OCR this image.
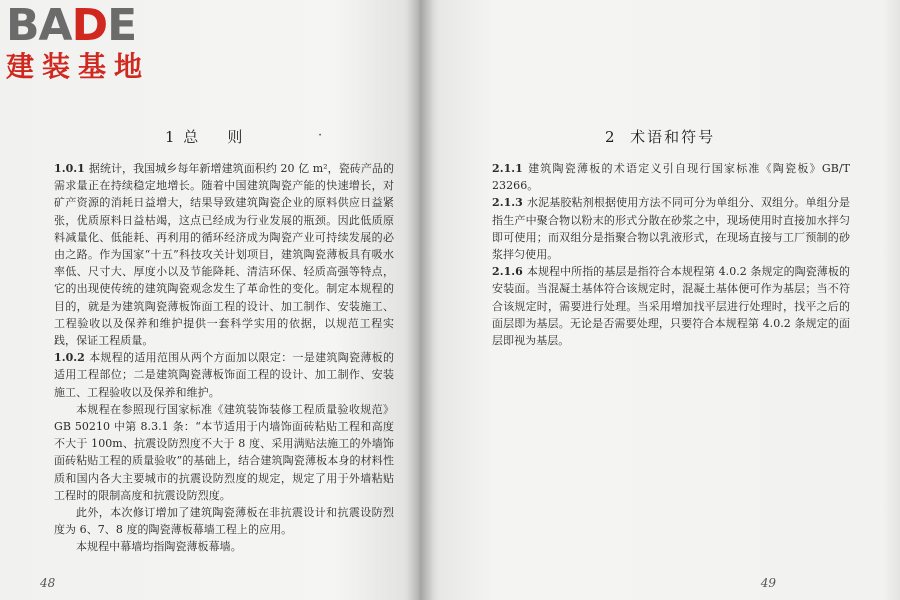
BADE
建装基地
1 总    则	·

1.0.1 据统计，我国城乡每年新增建筑面积约 20 亿 m²，瓷砖产品的需求量正在持续稳定地增长。随着中国建筑陶瓷产能的快速增长，对矿产资源的消耗日益增大，结果导致建筑陶瓷企业的原料供应日益紧张，优质原料日益枯竭，这点已经成为行业发展的瓶颈。因此低质原料减量化、低能耗、再利用的循环经济成为陶瓷产业可持续发展的必由之路。作为国家“十五”科技攻关计划项目，建筑陶瓷薄板具有吸水率低、尺寸大、厚度小以及节能降耗、清洁环保、轻质高强等特点，它的出现使传统的建筑陶瓷观念发生了革命性的变化。制定本规程的目的，就是为建筑陶瓷薄板饰面工程的设计、加工制作、安装施工、工程验收以及保养和维护提供一套科学实用的依据，以规范工程实践，保证工程质量。

1.0.2 本规程的适用范围从两个方面加以限定：一是建筑陶瓷薄板的适用工程部位；二是建筑陶瓷薄板饰面工程的设计、加工制作、安装施工、工程验收以及保养和维护。

本规程在参照现行国家标准《建筑装饰装修工程质量验收规范》GB 50210 中第 8.3.1 条：“本节适用于内墙饰面砖粘贴工程和高度不大于 100m、抗震设防烈度不大于 8 度、采用满贴法施工的外墙饰面砖粘贴工程的质量验收”的基础上，结合建筑陶瓷薄板本身的材料性质和国内各大主要城市的抗震设防烈度的规定，规定了用于外墙粘贴工程时的限制高度和抗震设防烈度。

此外，本次修订增加了建筑陶瓷薄板在非抗震设计和抗震设防烈度为 6、7、8 度的陶瓷薄板幕墙工程上的应用。

本规程中幕墙均指陶瓷薄板幕墙。

48
2  术语和符号

2.1.1 建筑陶瓷薄板的术语定义引自现行国家标准《陶瓷板》GB/T 23266。

2.1.3 水泥基胶粘剂根据使用方法不同可分为单组分、双组分。单组分是指生产中聚合物以粉末的形式分散在砂浆之中，现场使用时直接加水拌匀即可使用；而双组分是指聚合物以乳液形式，在现场直接与工厂预制的砂浆拌匀使用。

2.1.6 本规程中所指的基层是指符合本规程第 4.0.2 条规定的陶瓷薄板的安装面。当混凝土基体符合该规定时，混凝土基体便可作为基层；当不符合该规定时，需要进行处理。当采用增加找平层进行处理时，找平之后的面层即为基层。无论是否需要处理，只要符合本规程第 4.0.2 条规定的面层即视为基层。

49
